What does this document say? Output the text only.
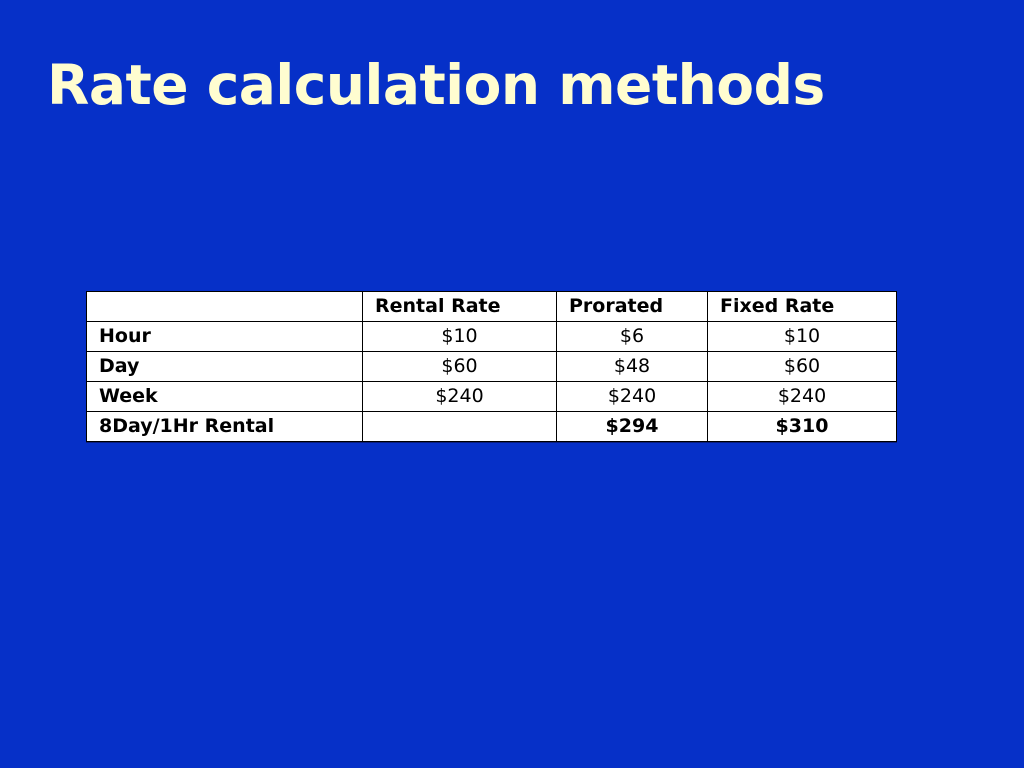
Rate calculation methods
	Rental Rate	Prorated	Fixed Rate
Hour	$10	$6	$10
Day	$60	$48	$60
Week	$240	$240	$240
8Day/1Hr Rental		$294	$310
